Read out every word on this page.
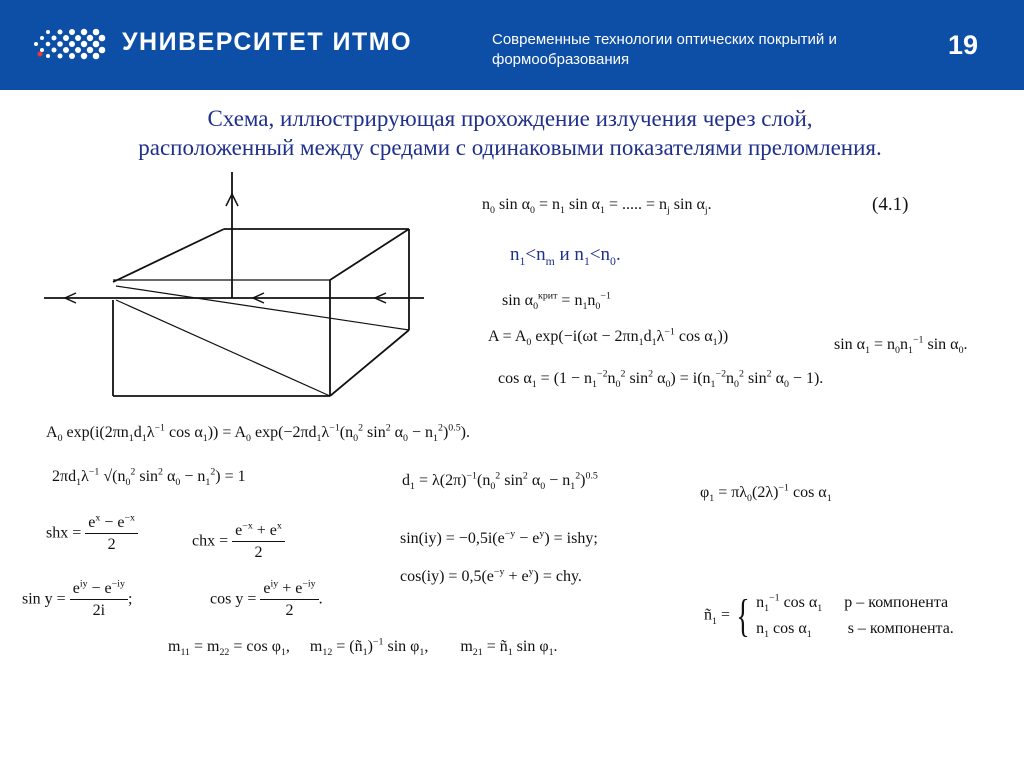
УНИВЕРСИТЕТ ИТМО	Современные технологии оптических покрытий и формообразования	19
Схема, иллюстрирующая прохождение излучения через слой,
расположенный между средами с одинаковыми показателями преломления.
$n_0$ $\sin \alpha_0 = n_1$ $\sin \alpha_1$ = ..... = $n_j$ $\sin \alpha_j$.	(4.1)
$n_1<n_m$ и $n_1<n_0$.
$\sin \alpha_0^{крит} = n_1n_0^{-1}$
$A = A_0$ $\exp(-i(\omega t - 2\pi n_1d_1\lambda^{-1}$ $\cos \alpha_1$))	$\sin \alpha_1 = n_0n_1^{-1}$ $\sin \alpha_0$.
$\cos \alpha_1 = (1 - n_1^{-2}n_0^2$ $\sin^2 \alpha_0) = i(n_1^{-2}n_0^2$ $\sin^2 \alpha_0 - 1$).
$A_0$ $\exp(i(2\pi n_1d_1\lambda^{-1}$ $\cos \alpha_1)) = A_0$ $\exp(-2\pi d_1\lambda^{-1}(n_0^2$ $\sin^2 \alpha_0 - n_1^2)^{0.5}$).
$2\pi d_1\lambda^{-1}$ $√(n_0^2$ $\sin^2 \alpha_0 - n_1^2) = 1$	$d_1 = \lambda(2\pi)^{-1}(n_0^2$ $\sin^2 \alpha_0 - n_1^2)^{0.5}$
$\varphi_1 = \pi\lambda_0(2\lambda)^{-1}$ $\cos \alpha_1$
shx = $\frac{e^x - e^{-x}}{2}$	chx = $\frac{e^{-x} + e^x}{2}$	$\sin(iy) = -0,5i(e^{-y} - e^y)$ = ishy;
$\cos(iy) = 0,5(e^{-y} + e^y)$ = chy.
$\sin y = \frac{e^{iy} - e^{-iy}}{2i}$ ;	$\cos y = \frac{e^{iy} + e^{-iy}}{2}$ .
$ñ_1$ = { $n_1^{-1}$ $\cos \alpha_1$ p – компонента
$n_1$ $\cos \alpha_1$ s – компонента.
$m_{11} = m_{22} = \cos \varphi_1$,     $m_{12}$ = $(ñ_1)^{-1}$ $\sin \varphi_1$,        $m_{21}$ = $ñ_1$ $\sin \varphi_1$.
